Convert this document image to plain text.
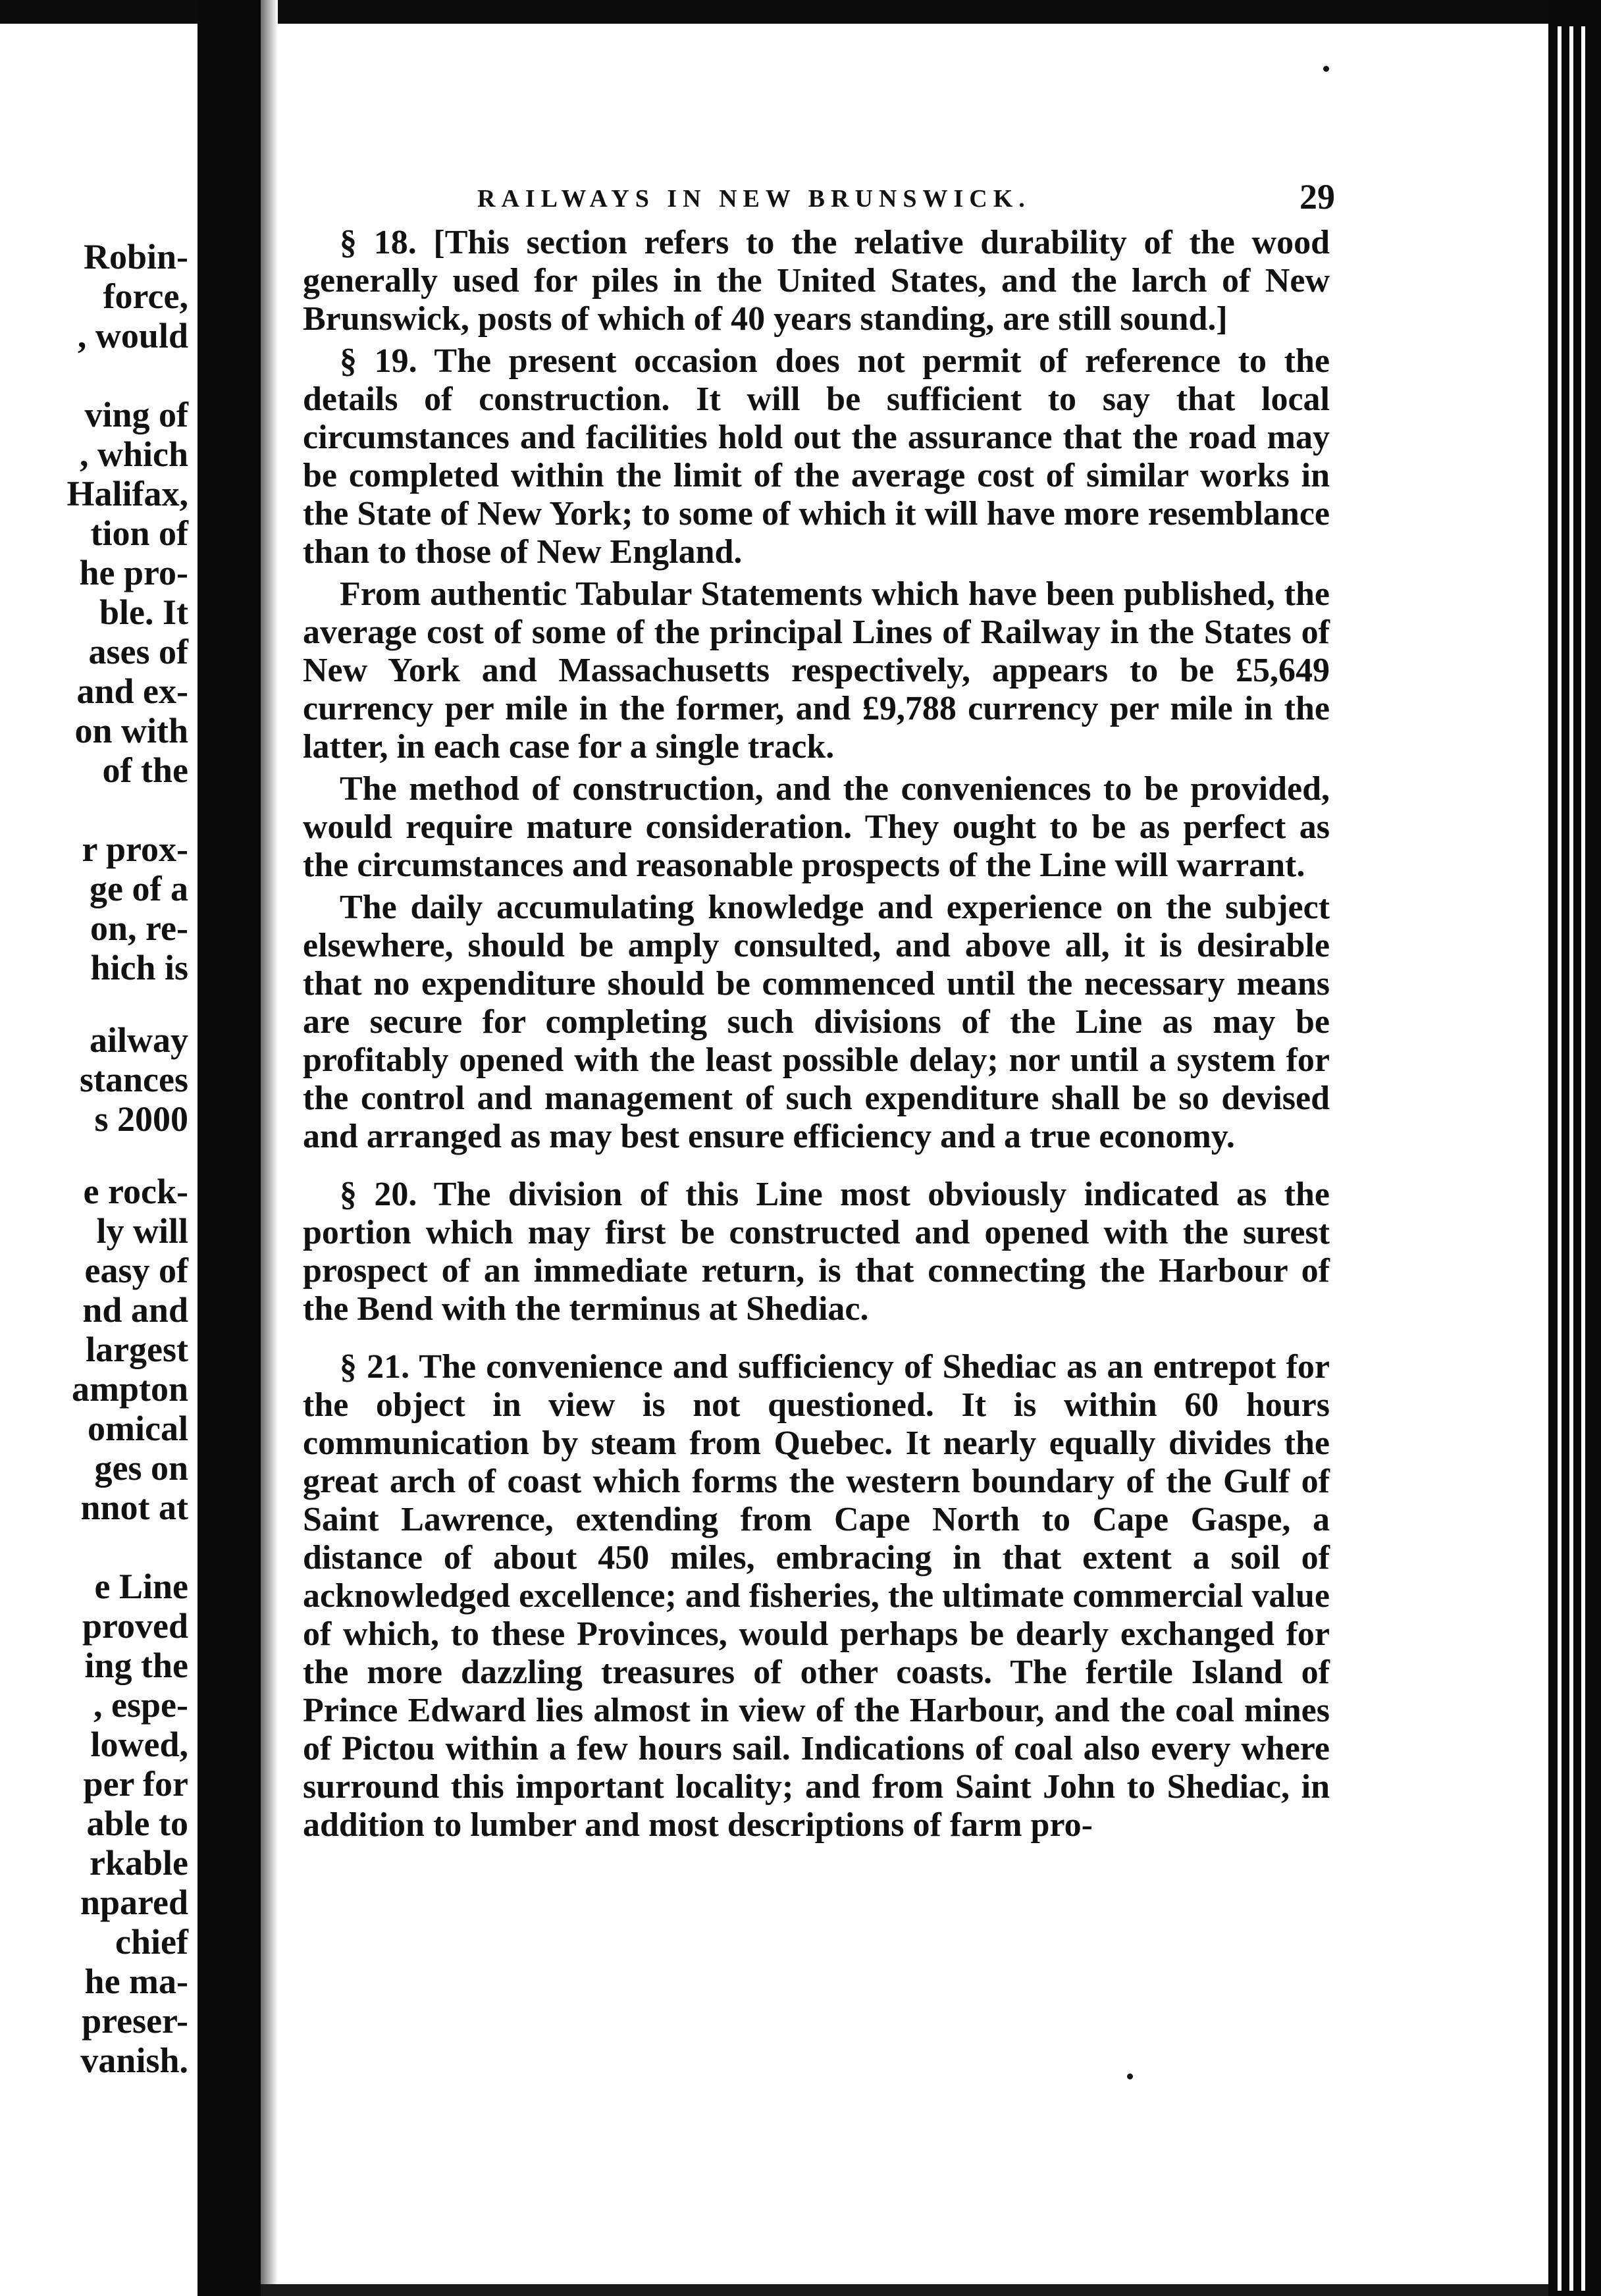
Robin-
force,
, would
ving of
, which
Halifax,
tion of
he pro-
ble. It
ases of
and ex-
on with
of the
r prox-
ge of a
on, re-
hich is
ailway
stances
s 2000
e rock-
ly will
easy of
nd and
largest
ampton
omical
ges on
nnot at
e Line
proved
ing the
, espe-
lowed,
per for
able to
rkable
npared
chief
he ma-
preser-
vanish.
RAILWAYS IN NEW BRUNSWICK.	29

§ 18. [This section refers to the relative durability of the wood generally used for piles in the United States, and the larch of New Brunswick, posts of which of 40 years standing, are still sound.]

§ 19. The present occasion does not permit of reference to the details of construction. It will be sufficient to say that local circumstances and facilities hold out the assurance that the road may be completed within the limit of the average cost of similar works in the State of New York; to some of which it will have more resemblance than to those of New England.

From authentic Tabular Statements which have been published, the average cost of some of the principal Lines of Railway in the States of New York and Massachusetts respectively, appears to be £5,649 currency per mile in the former, and £9,788 currency per mile in the latter, in each case for a single track.

The method of construction, and the conveniences to be provided, would require mature consideration. They ought to be as perfect as the circumstances and reasonable prospects of the Line will warrant.

The daily accumulating knowledge and experience on the subject elsewhere, should be amply consulted, and above all, it is desirable that no expenditure should be commenced until the necessary means are secure for completing such divisions of the Line as may be profitably opened with the least possible delay; nor until a system for the control and management of such expenditure shall be so devised and arranged as may best ensure efficiency and a true economy.

§ 20. The division of this Line most obviously indicated as the portion which may first be constructed and opened with the surest prospect of an immediate return, is that connecting the Harbour of the Bend with the terminus at Shediac.

§ 21. The convenience and sufficiency of Shediac as an entrepot for the object in view is not questioned. It is within 60 hours communication by steam from Quebec. It nearly equally divides the great arch of coast which forms the western boundary of the Gulf of Saint Lawrence, extending from Cape North to Cape Gaspe, a distance of about 450 miles, embracing in that extent a soil of acknowledged excellence; and fisheries, the ultimate commercial value of which, to these Provinces, would perhaps be dearly exchanged for the more dazzling treasures of other coasts. The fertile Island of Prince Edward lies almost in view of the Harbour, and the coal mines of Pictou within a few hours sail. Indications of coal also every where surround this important locality; and from Saint John to Shediac, in addition to lumber and most descriptions of farm pro-
